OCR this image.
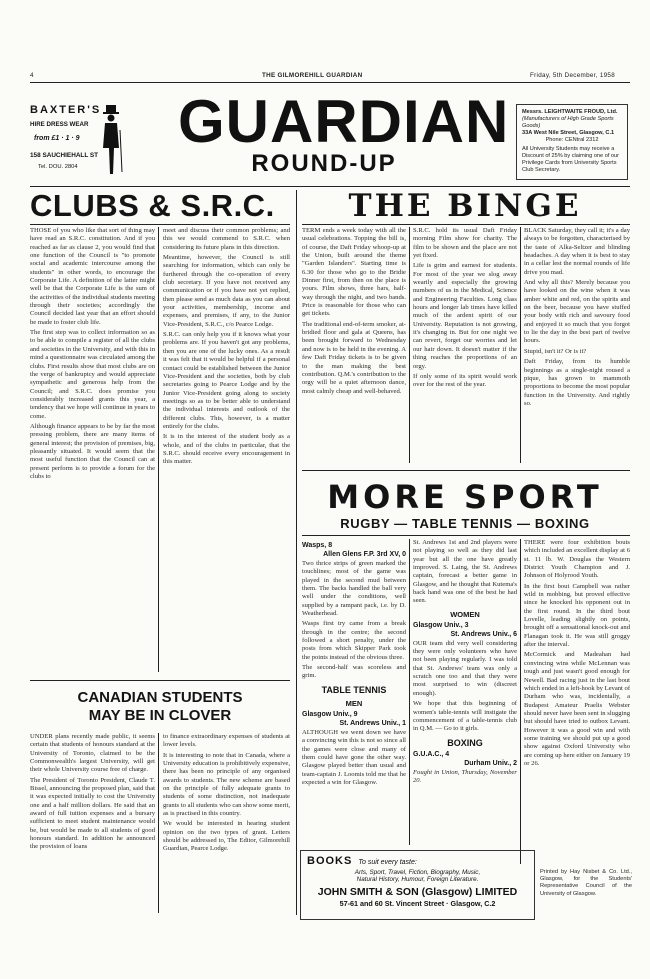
4	THE GILMOREHILL GUARDIAN	Friday, 5th December, 1958
BAXTER'S
HIRE DRESS WEAR
from £1 · 1 · 9
158 SAUCHIEHALL ST
Tel. DOU. 2804
GUARDIAN
ROUND-UP
Messrs. LEIGHTWAITE FROUD, Ltd.
(Manufacturers of High Grade Sports Goods)
33A West Nile Street, Glasgow, C.1
Phone: CENtral 2312
All University Students may receive a Discount of 25% by claiming one of our Privilege Cards from University Sports Club Secretary.
CLUBS & S.R.C.

THOSE of you who like that sort of thing may have read an S.R.C. constitution. And if you reached as far as clause 2, you would find that one function of the Council is "to promote social and academic intercourse among the students" in other words, to encourage the Corporate Life. A definition of the latter might well be that the Corporate Life is the sum of the activities of the individual students meeting through their societies; accordingly the Council decided last year that an effort should be made to foster club life.

The first step was to collect information so as to be able to compile a register of all the clubs and societies in the University, and with this in mind a questionnaire was circulated among the clubs. First results show that most clubs are on the verge of bankruptcy and would appreciate sympathetic and generous help from the Council; and S.R.C. does promise you considerably increased grants this year, a tendency that we hope will continue in years to come.

Although finance appears to be by far the most pressing problem, there are many items of general interest; the provision of premises, big, pleasantly situated. It would seem that the most useful function that the Council can at present perform is to provide a forum for the clubs to

meet and discuss their common problems; and this we would commend to S.R.C. when considering its future plans in this direction.

Meantime, however, the Council is still searching for information, which can only be furthered through the co-operation of every club secretary. If you have not received any communication or if you have not yet replied, then please send as much data as you can about your activities, membership, income and expenses, and premises, if any, to the Junior Vice-President, S.R.C., c/o Pearce Lodge.

S.R.C. can only help you if it knows what your problems are. If you haven't got any problems, then you are one of the lucky ones. As a result it was felt that it would be helpful if a personal contact could be established between the Junior Vice-President and the societies, both by club secretaries going to Pearce Lodge and by the Junior Vice-President going along to society meetings so as to be better able to understand the individual interests and outlook of the different clubs. This, however, is a matter entirely for the clubs.

It is in the interest of the student body as a whole, and of the clubs in particular, that the S.R.C. should receive every encouragement in this matter.

THE BINGE

TERM ends a week today with all the usual celebrations. Topping the bill is, of course, the Daft Friday whoop-up at the Union, built around the theme "Garden Islanders". Starting time is 6.30 for those who go to the Bridie Dinner first, from then on the place is yours. Film shows, three bars, half-way through the night, and two bands. Price is reasonable for those who can get tickets.

The traditional end-of-term smoker, at-bridied floor and gala at Queens, has been brought forward to Wednesday and now is to be held in the evening. A few Daft Friday tickets is to be given to the man making the best contribution. Q.M.'s contribution to the orgy will be a quiet afternoon dance, most calmly cheap and well-behaved.

S.R.C. hold its usual Daft Friday morning Film show for charity. The film to be shown and the place are not yet fixed.

Life is grim and earnest for students. For most of the year we slog away wearily and especially the growing numbers of us in the Medical, Science and Engineering Faculties. Long class hours and longer lab times have killed much of the ardent spirit of our University. Reputation is not growing, it's changing in. But for one night we can revert, forget our worries and let our hair down. It doesn't matter if the thing reaches the proportions of an orgy.

If only some of its spirit would work over for the rest of the year.

BLACK Saturday, they call it; it's a day always to be forgotten, characterised by the taste of Alka-Seltzer and blinding headaches. A day when it is best to stay in a cellar lest the normal rounds of life drive you mad.

And why all this? Merely because you have looked on the wine when it was amber white and red, on the spirits and on the beer, because you have stuffed your body with rich and savoury food and enjoyed it so much that you forgot to lie the day in the best part of twelve hours.

Stupid, isn't it? Or is it?

Daft Friday, from its humble beginnings as a single-night roused a pique, has grown to mammoth proportions to become the most popular function in the University. And rightly so.

MORE SPORT
RUGBY — TABLE TENNIS — BOXING
Wasps, 8
Allen Glens F.P. 3rd XV, 0

Two thrice strips of green marked the touchlines; most of the game was played in the second mud between them. The backs handled the ball very well under the conditions, well supplied by a rampant pack, i.e. by D. Weatherhead.

Wasps first try came from a break through in the centre; the second followed a short penalty, under the posts from which Skipper Park took the points instead of the obvious three.

The second-half was scoreless and grim.

TABLE TENNIS
MEN
Glasgow Univ., 9
St. Andrews Univ., 1

ALTHOUGH we went down we have a convincing win this is not so since all the games were close and many of them could have gone the other way. Glasgow played better than usual and team-captain J. Loomis told me that he expected a win for Glasgow.

St. Andrews 1st and 2nd players were not playing so well as they did last year but all the one have greatly improved. S. Laing, the St. Andrews captain, forecast a better game in Glasgow, and he thought that Kutema's back hand was one of the best he had seen.

WOMEN
Glasgow Univ., 3
St. Andrews Univ., 6

OUR team did very well considering they were only volunteers who have not been playing regularly. I was told that St. Andrews' team was only a scratch one too and that they were most surprised to win (discreet enough).

We hope that this beginning of women's table-tennis will instigate the commencement of a table-tennis club in Q.M. — Go to it girls.

BOXING
G.U.A.C., 4
Durham Univ., 2

Fought in Union, Thursday, November 20.

THERE were four exhibition bouts which included an excellent display at 6 st. 11 lb. W. Douglas the Western District Youth Champion and J. Johnson of Holyrood Youth.

In the first bout Campbell was rather wild in mobbing, but proved effective since he knocked his opponent out in the first round. In the third bout Lovelle, leading slightly on points, brought off a sensational knock-out and Flanagan took it. He was still groggy after the interval.

McCormick and Madeahan had convincing wins while McLennan was tough and just wasn't good enough for Newell. Bad racing just in the last bout which ended in a left-hook by Levant of Durham who was, incidentally, a Budapest Amateur Praelis Webster should never have been sent in slugging but should have tried to outbox Levant. However it was a good win and with some training we should put up a good show against Oxford University who are coming up here either on January 19 or 26.

CANADIAN STUDENTS
MAY BE IN CLOVER

UNDER plans recently made public, it seems certain that students of honours standard at the University of Toronto, claimed to be the Commonwealth's largest University, will get their whole University course free of charge.

The President of Toronto President, Claude T. Bissel, announcing the proposed plan, said that it was expected initially to cost the University one and a half million dollars. He said that an award of full tuition expenses and a bursary sufficient to meet student maintenance would be, but would be made to all students of good honours standard. In addition he announced the provision of loans

to finance extraordinary expenses of students at lower levels.

It is interesting to note that in Canada, where a University education is prohibitively expensive, there has been no principle of any organised awards to students. The new scheme are based on the principle of fully adequate grants to students of some distinction, not inadequate grants to all students who can show some merit, as is practised in this country.

We would be interested in hearing student opinion on the two types of grant. Letters should be addressed to, The Editor, Gilmorehill Guardian, Pearce Lodge.

BOOKS To suit every taste:
Arts, Sport, Travel, Fiction, Biography, Music,
Natural History, Humour, Foreign Literature.
JOHN SMITH & SON (Glasgow) LIMITED
57-61 and 60 St. Vincent Street · Glasgow, C.2
Printed by Hay Nisbet & Co. Ltd., Glasgow, for the Students' Representative Council of the University of Glasgow.
